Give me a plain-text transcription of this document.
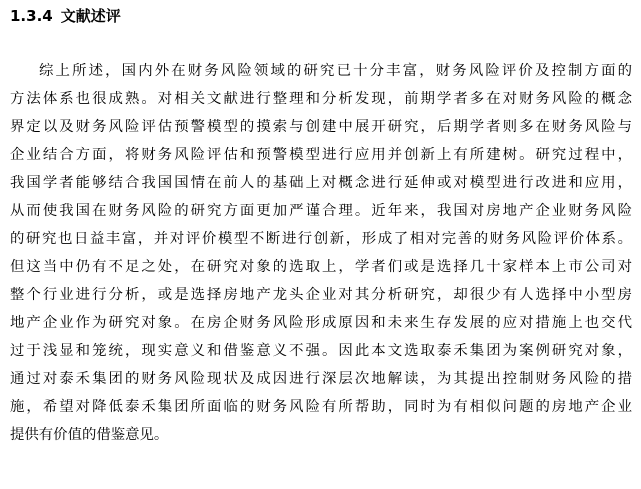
1.3.4 文献述评
综上所述，国内外在财务风险领域的研究已十分丰富，财务风险评价及控制方面的
方法体系也很成熟。对相关文献进行整理和分析发现，前期学者多在对财务风险的概念
界定以及财务风险评估预警模型的摸索与创建中展开研究，后期学者则多在财务风险与
企业结合方面，将财务风险评估和预警模型进行应用并创新上有所建树。研究过程中，
我国学者能够结合我国国情在前人的基础上对概念进行延伸或对模型进行改进和应用，
从而使我国在财务风险的研究方面更加严谨合理。近年来，我国对房地产企业财务风险
的研究也日益丰富，并对评价模型不断进行创新，形成了相对完善的财务风险评价体系。
但这当中仍有不足之处，在研究对象的选取上，学者们或是选择几十家样本上市公司对
整个行业进行分析，或是选择房地产龙头企业对其分析研究，却很少有人选择中小型房
地产企业作为研究对象。在房企财务风险形成原因和未来生存发展的应对措施上也交代
过于浅显和笼统，现实意义和借鉴意义不强。因此本文选取泰禾集团为案例研究对象，
通过对泰禾集团的财务风险现状及成因进行深层次地解读，为其提出控制财务风险的措
施，希望对降低泰禾集团所面临的财务风险有所帮助，同时为有相似问题的房地产企业
提供有价值的借鉴意见。
